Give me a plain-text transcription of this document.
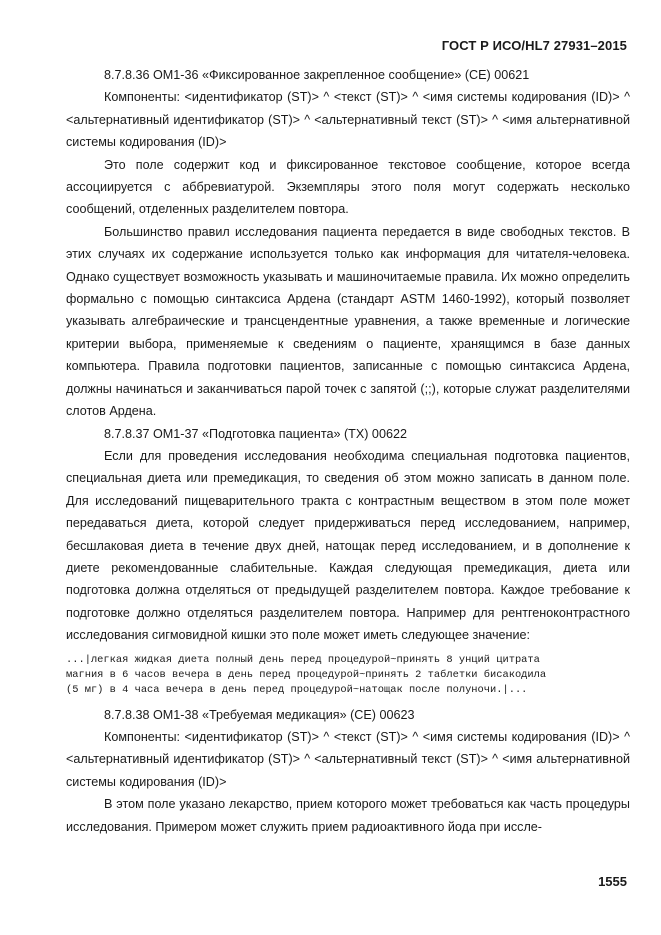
ГОСТ Р ИСО/HL7 27931–2015

8.7.8.36 OM1-36 «Фиксированное закрепленное сообщение» (CE) 00621

Компоненты: <идентификатор (ST)> ^ <текст (ST)> ^ <имя системы кодирования (ID)> ^ <альтернативный идентификатор (ST)> ^ <альтернативный текст (ST)> ^ <имя альтернативной системы кодирования (ID)>

Это поле содержит код и фиксированное текстовое сообщение, которое всегда ассоциируется с аббревиатурой. Экземпляры этого поля могут содержать несколько сообщений, отделенных разделителем повтора.

Большинство правил исследования пациента передается в виде свободных текстов. В этих случаях их содержание используется только как информация для читателя-человека. Однако существует возможность указывать и машиночитаемые правила. Их можно определить формально с помощью синтаксиса Ардена (стандарт ASTM 1460-1992), который позволяет указывать алгебраические и трансцендентные уравнения, а также временные и логические критерии выбора, применяемые к сведениям о пациенте, хранящимся в базе данных компьютера. Правила подготовки пациентов, записанные с помощью синтаксиса Ардена, должны начинаться и заканчиваться парой точек с запятой (;;), которые служат разделителями слотов Ардена.

8.7.8.37 OM1-37 «Подготовка пациента» (TX) 00622

Если для проведения исследования необходима специальная подготовка пациентов, специальная диета или премедикация, то сведения об этом можно записать в данном поле. Для исследований пищеварительного тракта с контрастным веществом в этом поле может передаваться диета, которой следует придерживаться перед исследованием, например, бесшлаковая диета в течение двух дней, натощак перед исследованием, и в дополнение к диете рекомендованные слабительные. Каждая следующая премедикация, диета или подготовка должна отделяться от предыдущей разделителем повтора. Каждое требование к подготовке должно отделяться разделителем повтора. Например для рентгеноконтрастного исследования сигмовидной кишки это поле может иметь следующее значение:

...|легкая жидкая диета полный день перед процедурой~принять 8 унций цитрата
магния в 6 часов вечера в день перед процедурой~принять 2 таблетки бисакодила
(5 мг) в 4 часа вечера в день перед процедурой~натощак после полуночи.|...

8.7.8.38 OM1-38 «Требуемая медикация» (CE) 00623

Компоненты: <идентификатор (ST)> ^ <текст (ST)> ^ <имя системы кодирования (ID)> ^ <альтернативный идентификатор (ST)> ^ <альтернативный текст (ST)> ^ <имя альтернативной системы кодирования (ID)>

В этом поле указано лекарство, прием которого может требоваться как часть процедуры исследования. Примером может служить прием радиоактивного йода при иссле-

1555
